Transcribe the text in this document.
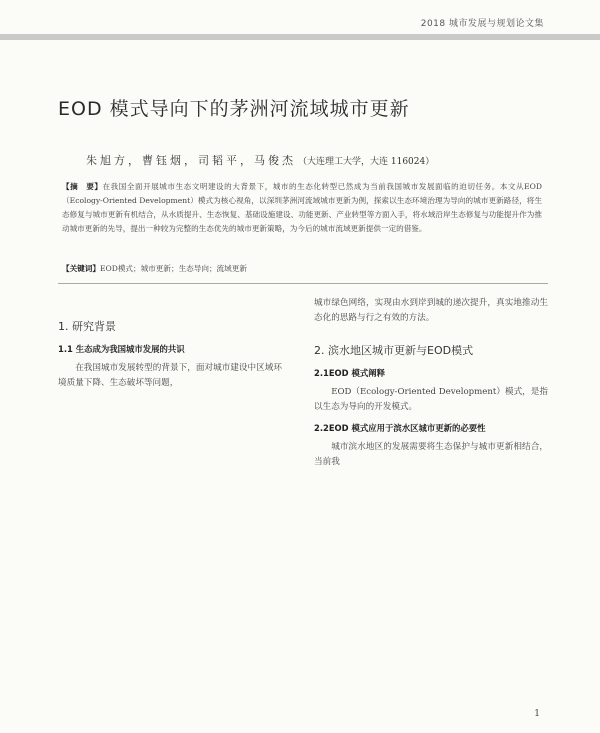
2018 城市发展与规划论文集
EOD 模式导向下的茅洲河流域城市更新
朱旭方，曹钰烟，司韬平，马俊杰 （大连理工大学，大连 116024）
【摘　要】在我国全面开展城市生态文明建设的大背景下，城市的生态化转型已然成为当前我国城市发展面临的迫切任务。本文从EOD（Ecology-Oriented Development）模式为核心视角，以深圳茅洲河流域城市更新为例，探索以生态环境治理为导向的城市更新路径，将生态修复与城市更新有机结合，从水质提升、生态恢复、基础设施建设、功能更新、产业转型等方面入手，将水域沿岸生态修复与功能提升作为推动城市更新的先导，提出一种较为完整的生态优先的城市更新策略，为今后的城市流域更新提供一定的借鉴。
【关键词】EOD模式；城市更新；生态导向；流域更新
1. 研究背景
1.1 生态成为我国城市发展的共识

在我国城市发展转型的背景下，面对城市建设中区域环境质量下降、生态破坏等问题，

城市绿色网络，实现由水到岸到城的递次提升，真实地推动生态化的思路与行之有效的方法。

2. 滨水地区城市更新与EOD模式
2.1EOD 模式阐释

EOD（Ecology-Oriented Development）模式，是指以生态为导向的开发模式。

2.2EOD 模式应用于滨水区城市更新的必要性

城市滨水地区的发展需要将生态保护与城市更新相结合，当前我

1
